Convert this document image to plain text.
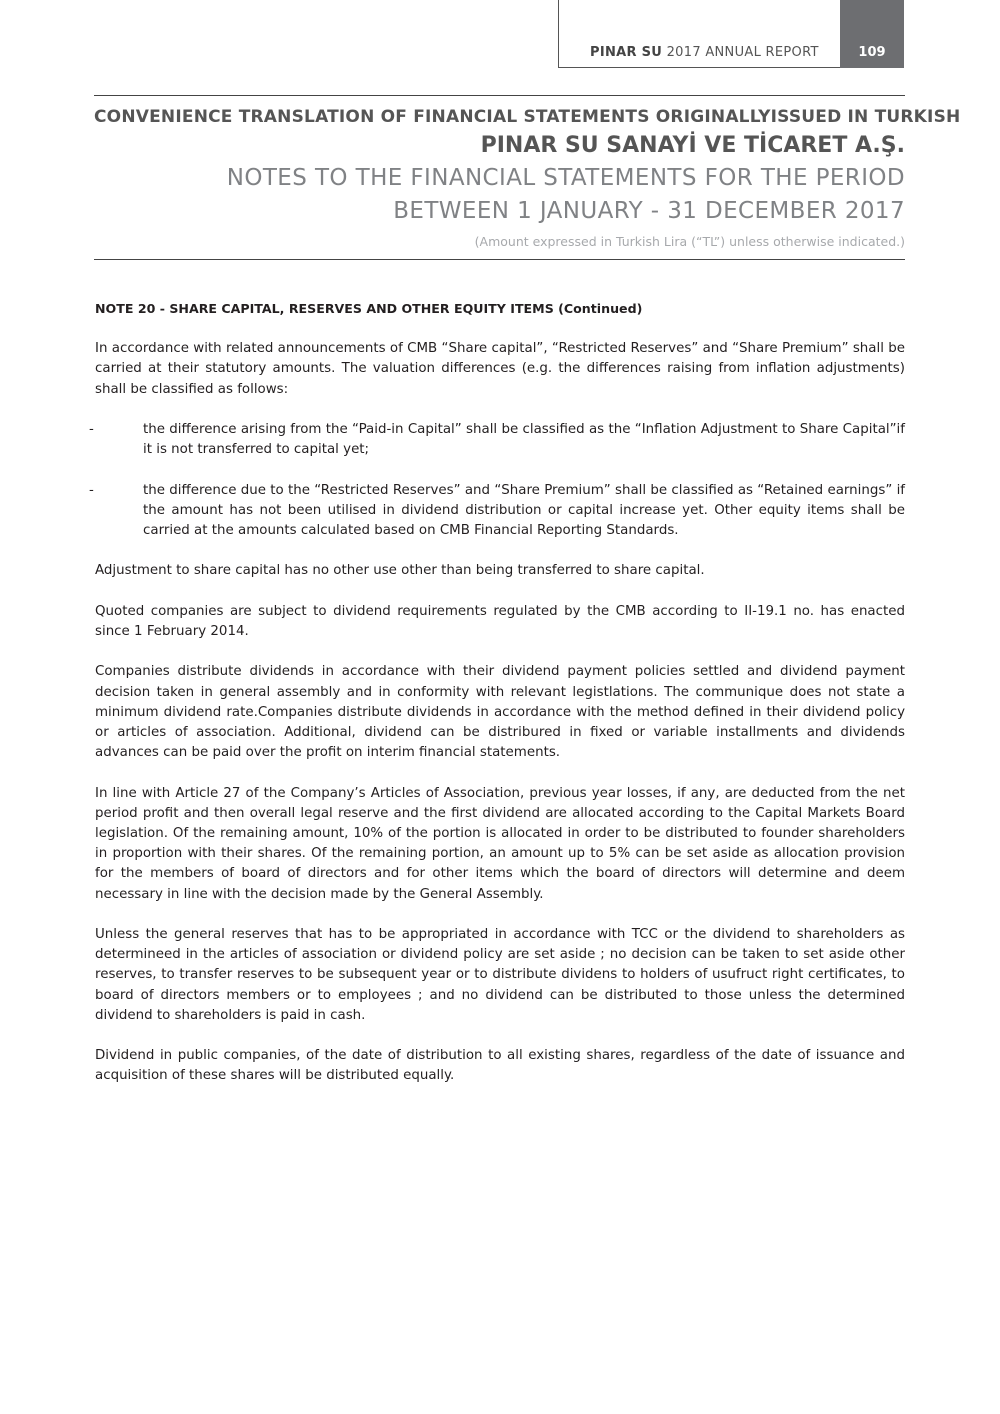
PINAR SU 2017 ANNUAL REPORT	109
CONVENIENCE TRANSLATION OF FINANCIAL STATEMENTS ORIGINALLYISSUED IN TURKISH
PINAR SU SANAYİ VE TİCARET A.Ş.
NOTES TO THE FINANCIAL STATEMENTS FOR THE PERIOD
BETWEEN 1 JANUARY - 31 DECEMBER 2017
(Amount expressed in Turkish Lira (“TL”) unless otherwise indicated.)
NOTE 20 - SHARE CAPITAL, RESERVES AND OTHER EQUITY ITEMS (Continued)

In accordance with related announcements of CMB “Share capital”, “Restricted Reserves” and “Share Premium” shall be carried at their statutory amounts. The valuation differences (e.g. the differences raising from inflation adjustments) shall be classified as follows:

-	the difference arising from the “Paid-in Capital” shall be classified as the “Inflation Adjustment to Share Capital”if it is not transferred to capital yet;
-	the difference due to the “Restricted Reserves” and “Share Premium” shall be classified as “Retained earnings” if the amount has not been utilised in dividend distribution or capital increase yet. Other equity items shall be carried at the amounts calculated based on CMB Financial Reporting Standards.

Adjustment to share capital has no other use other than being transferred to share capital.

Quoted companies are subject to dividend requirements regulated by the CMB according to II-19.1 no. has enacted since 1 February 2014.

Companies distribute dividends in accordance with their dividend payment policies settled and dividend payment decision taken in general assembly and in conformity with relevant legistlations. The communique does not state a minimum dividend rate.Companies distribute dividends in accordance with the method defined in their dividend policy or articles of association. Additional, dividend can be distribured in fixed or variable installments and dividends advances can be paid over the profit on interim financial statements.

In line with Article 27 of the Company’s Articles of Association, previous year losses, if any, are deducted from the net period profit and then overall legal reserve and the first dividend are allocated according to the Capital Markets Board legislation. Of the remaining amount, 10% of the portion is allocated in order to be distributed to founder shareholders in proportion with their shares. Of the remaining portion, an amount up to 5% can be set aside as allocation provision for the members of board of directors and for other items which the board of directors will determine and deem necessary in line with the decision made by the General Assembly.

Unless the general reserves that has to be appropriated in accordance with TCC or the dividend to shareholders as determineed in the articles of association or dividend policy are set aside ; no decision can be taken to set aside other reserves, to transfer reserves to be subsequent year or to distribute dividens to holders of usufruct right certificates, to board of directors members or to employees ; and no dividend can be distributed to those unless the determined dividend to shareholders is paid in cash.

Dividend in public companies, of the date of distribution to all existing shares, regardless of the date of issuance and acquisition of these shares will be distributed equally.
